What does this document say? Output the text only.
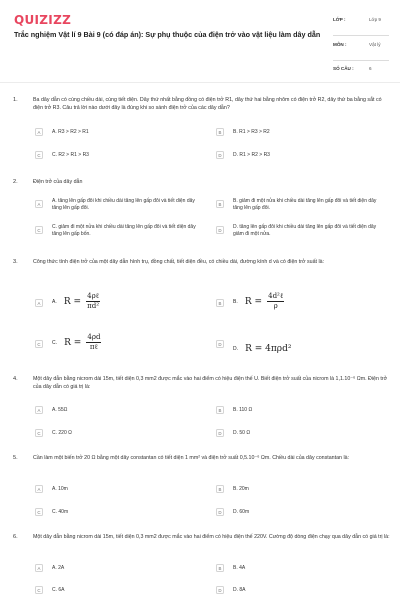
QUIZIZZ
Trắc nghiệm Vật lí 9 Bài 9 (có đáp án): Sự phụ thuộc của điện trở vào vật liệu làm dây dẫn
LỚP :	Lớp 9
MÔN :	Vật lý
SỐ CÂU :	6
1.	Ba dây dẫn có cùng chiều dài, cùng tiết diện. Dây thứ nhất bằng đồng có điện trở R1, dây thứ hai bằng nhôm có điện trở R2, dây thứ ba bằng sắt có điện trở R3. Câu trả lời nào dưới đây là đúng khi so sánh điện trở của các dây dẫn?
A	A. R3 > R2 > R1	B	B. R1 > R3 > R2
C	C. R2 > R1 > R3	D	D. R1 > R2 > R3
2.	Điện trở của dây dẫn
A
A. tăng lên gấp đôi khi chiều dài tăng lên gấp đôi và tiết diện dây tăng lên gấp đôi.
B
B. giảm đi một nửa khi chiều dài tăng lên gấp đôi và tiết diện dây tăng lên gấp đôi.
C
C. giảm đi một nửa khi chiều dài tăng lên gấp đôi và tiết diện dây tăng lên gấp bốn.
D
D. tăng lên gấp đôi khi chiều dài tăng lên gấp đôi và tiết diện dây giảm đi một nửa.
3.	Công thức tính điện trở của một dây dẫn hình trụ, đồng chất, tiết diện đều, có chiều dài, đường kính d và có điện trở suất là:
A	A. $R = \frac{\text{4ρℓ}}{\text{πd²}}$	B	B. $R = \frac{\text{4d²ℓ}}{\rho}$
C	C. $R = \frac{4\rho d}{\text{πℓ}}$	D
D. R = 4πρd²
4.	Một dây dẫn bằng nicrom dài 15m, tiết diện 0,3 mm2 được mắc vào hai điểm có hiệu điện thế U. Biết điện trở suất của nicrom là 1,1.10⁻⁶ Ωm. Điện trở của dây dẫn có giá trị là:
A	A. 55Ω	B	B. 110 Ω
C	C. 220 Ω	D	D. 50 Ω
5.	Cần làm một biến trở 20 Ω bằng một dây constantan có tiết diện 1 mm² và điện trở suất 0,5.10⁻⁶ Ωm. Chiều dài của dây constantan là:
A	A. 10m	B	B. 20m
C	C. 40m	D	D. 60m
6.	Một dây dẫn bằng nicrom dài 15m, tiết diện 0,3 mm2 được mắc vào hai điểm có hiệu điện thế 220V. Cường độ dòng điện chạy qua dây dẫn có giá trị là:
A	A. 2A	B	B. 4A
C	C. 6A	D	D. 8A
